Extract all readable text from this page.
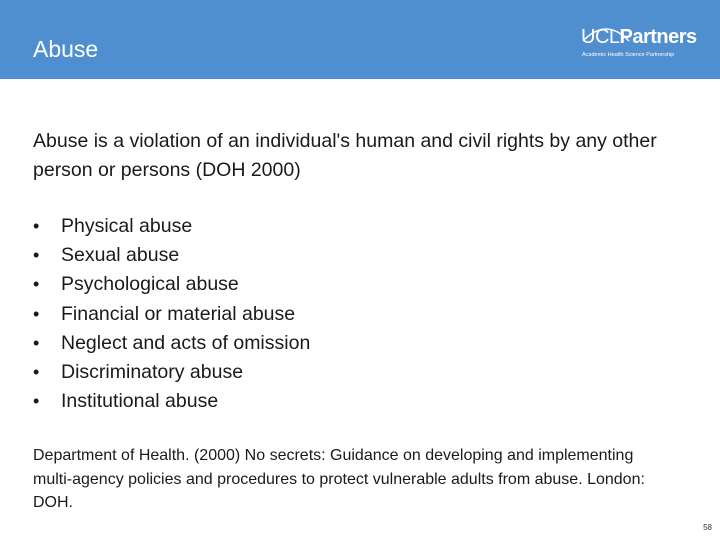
Abuse	UCLPartners
Academic Health Science Partnership

Abuse is a violation of an individual's human and civil rights by any other person or persons (DOH 2000)

• Physical abuse
• Sexual abuse
• Psychological abuse
• Financial or material abuse
• Neglect and acts of omission
• Discriminatory abuse
• Institutional abuse

Department of Health. (2000) No secrets: Guidance on developing and implementing multi-agency policies and procedures to protect vulnerable adults from abuse. London: DOH.

58
